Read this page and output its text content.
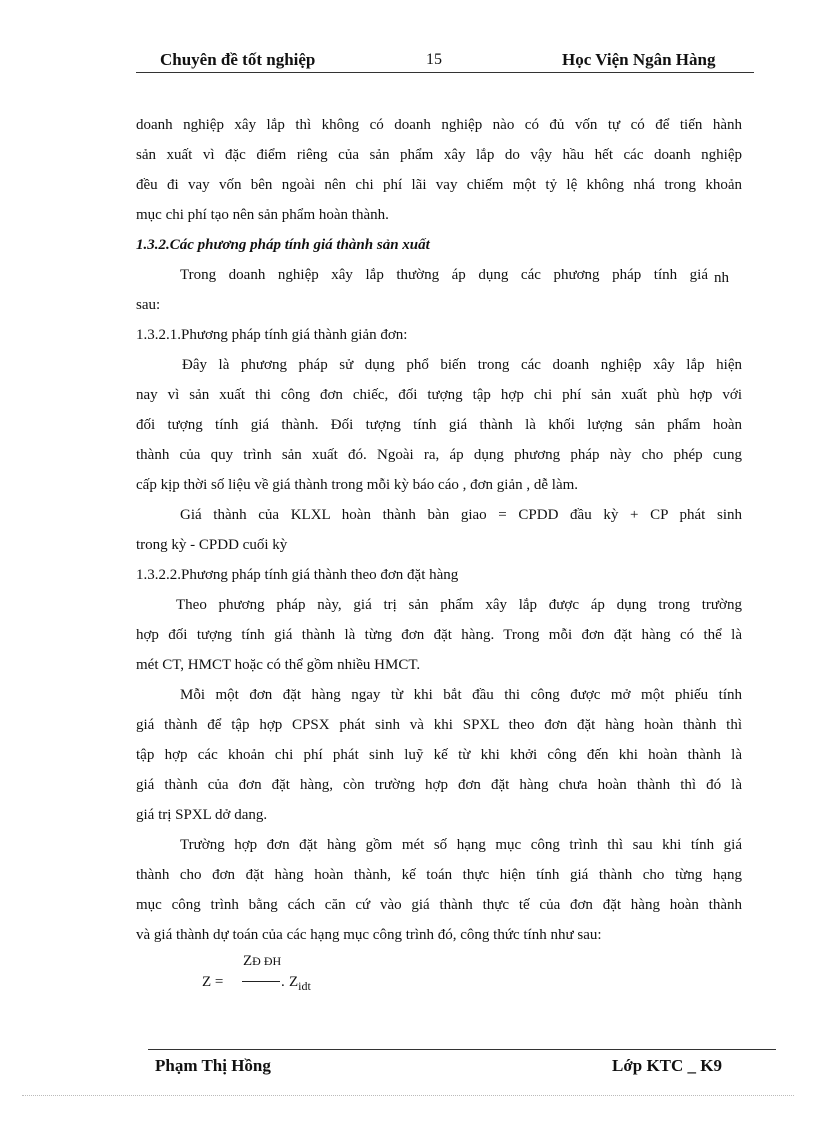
Chuyên đề tốt nghiệp	15	Học Viện Ngân Hàng
doanh nghiệp xây lắp thì không có doanh nghiệp nào có đủ vốn tự có để tiến hành
sản xuất vì đặc điểm riêng của sản phẩm xây lắp do vậy hầu hết các doanh nghiệp
đều đi vay vốn bên ngoài nên chi phí lãi vay chiếm một tỷ lệ không nhá trong khoản
mục chi phí tạo nên sản phẩm hoàn thành.
1.3.2.Các phương pháp tính giá thành sản xuất
Trong doanh nghiệp xây lắp thường áp dụng các phương pháp tính giá nh
sau:
1.3.2.1.Phương pháp tính giá thành giản đơn:
Đây là phương pháp sử dụng phổ biến trong các doanh nghiệp xây lắp hiện
nay vì sản xuất thi công đơn chiếc, đối tượng tập hợp chi phí sản xuất phù hợp với
đối tượng tính giá thành. Đối tượng tính giá thành là khối lượng sản phẩm hoàn
thành của quy trình sản xuất đó. Ngoài ra, áp dụng phương pháp này cho phép cung
cấp kịp thời số liệu về giá thành trong mỗi kỳ báo cáo , đơn giản , dễ làm.
Giá thành của KLXL hoàn thành bàn giao = CPDD đầu kỳ + CP phát sinh
trong kỳ - CPDD cuối kỳ
1.3.2.2.Phương pháp tính giá thành theo đơn đặt hàng
Theo phương pháp này, giá trị sản phẩm xây lắp được áp dụng trong trường
hợp đối tượng tính giá thành là từng đơn đặt hàng. Trong mỗi đơn đặt hàng có thể là
mét CT, HMCT hoặc có thể gồm nhiều HMCT.
Mỗi một đơn đặt hàng ngay từ khi bắt đầu thi công được mở một phiếu tính
giá thành để tập hợp CPSX phát sinh và khi SPXL theo đơn đặt hàng hoàn thành thì
tập hợp các khoản chi phí phát sinh luỹ kế từ khi khởi công đến khi hoàn thành là
giá thành của đơn đặt hàng, còn trường hợp đơn đặt hàng chưa hoàn thành thì đó là
giá trị SPXL dở dang.
Trường hợp đơn đặt hàng gồm mét số hạng mục công trình thì sau khi tính giá
thành cho đơn đặt hàng hoàn thành, kế toán thực hiện tính giá thành cho từng hạng
mục công trình bằng cách căn cứ vào giá thành thực tế của đơn đặt hàng hoàn thành
và giá thành dự toán của các hạng mục công trình đó, công thức tính như sau:
Z =
ZĐ ĐH
. $Z_{idt}$
Phạm Thị Hồng	Lớp KTC _ K9
